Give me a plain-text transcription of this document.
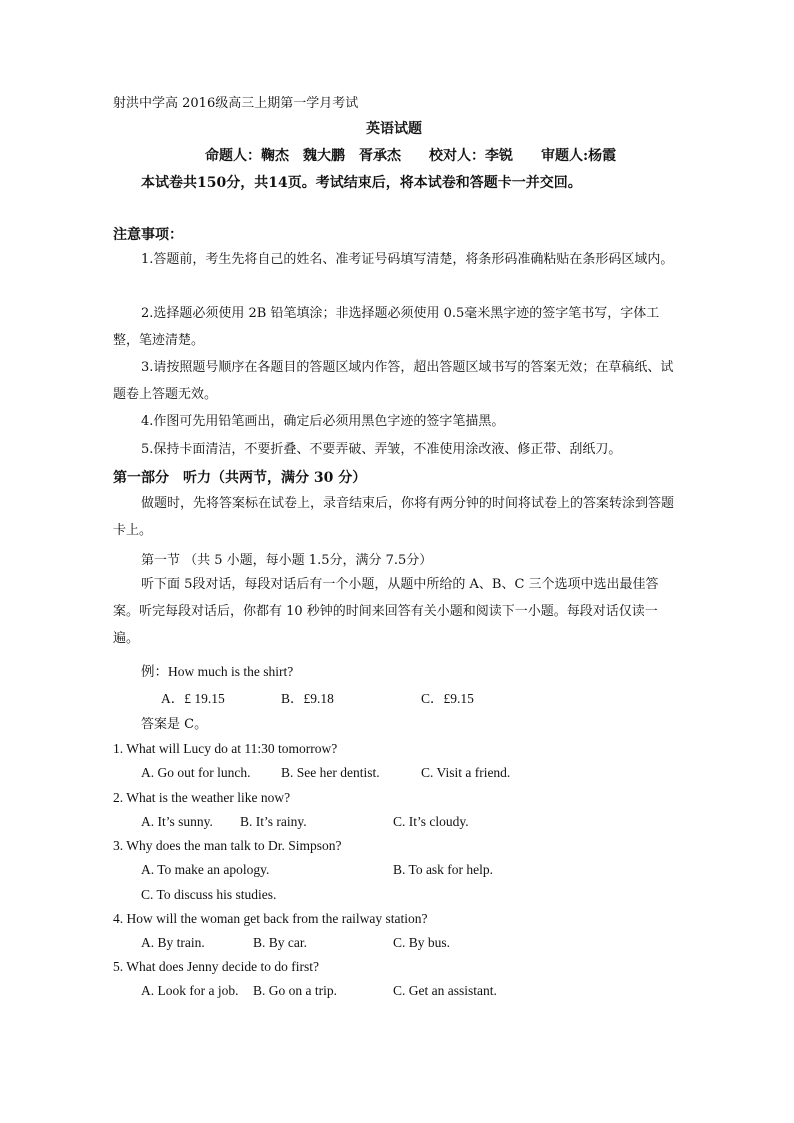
射洪中学高 2016级高三上期第一学月考试
英语试题
命题人：鞠杰　魏大鹏　胥承杰　　校对人：李锐　　审题人:杨霞
本试卷共150分，共14页。考试结束后，将本试卷和答题卡一并交回。
注意事项：
1.答题前，考生先将自己的姓名、准考证号码填写清楚，将条形码准确粘贴在条形码区域内。
2.选择题必须使用 2B 铅笔填涂；非选择题必须使用 0.5毫米黑字迹的签字笔书写，字体工整，笔迹清楚。
3.请按照题号顺序在各题目的答题区域内作答，超出答题区域书写的答案无效；在草稿纸、试题卷上答题无效。
4.作图可先用铅笔画出，确定后必须用黑色字迹的签字笔描黑。
5.保持卡面清洁，不要折叠、不要弄破、弄皱，不准使用涂改液、修正带、刮纸刀。
第一部分　听力（共两节，满分 30 分）
做题时，先将答案标在试卷上，录音结束后，你将有两分钟的时间将试卷上的答案转涂到答题卡上。
第一节 （共 5 小题，每小题 1.5分，满分 7.5分）
听下面 5段对话，每段对话后有一个小题，从题中所给的 A、B、C 三个选项中选出最佳答案。听完每段对话后，你都有 10 秒钟的时间来回答有关小题和阅读下一小题。每段对话仅读一遍。
例：How much is the shirt?
A．£ 19.15	B．£9.18	C．£9.15
答案是 C。
1. What will Lucy do at 11:30 tomorrow?
A. Go out for lunch. B. See her dentist.	C. Visit a friend.
2. What is the weather like now?
A. It’s sunny. B. It’s rainy.	C. It’s cloudy.
3. Why does the man talk to Dr. Simpson?
A. To make an apology.	B. To ask for help.
C. To discuss his studies.
4. How will the woman get back from the railway station?
A. By train.	B. By car.	C. By bus.
5. What does Jenny decide to do first?
A. Look for a job. B. Go on a trip.	C. Get an assistant.
